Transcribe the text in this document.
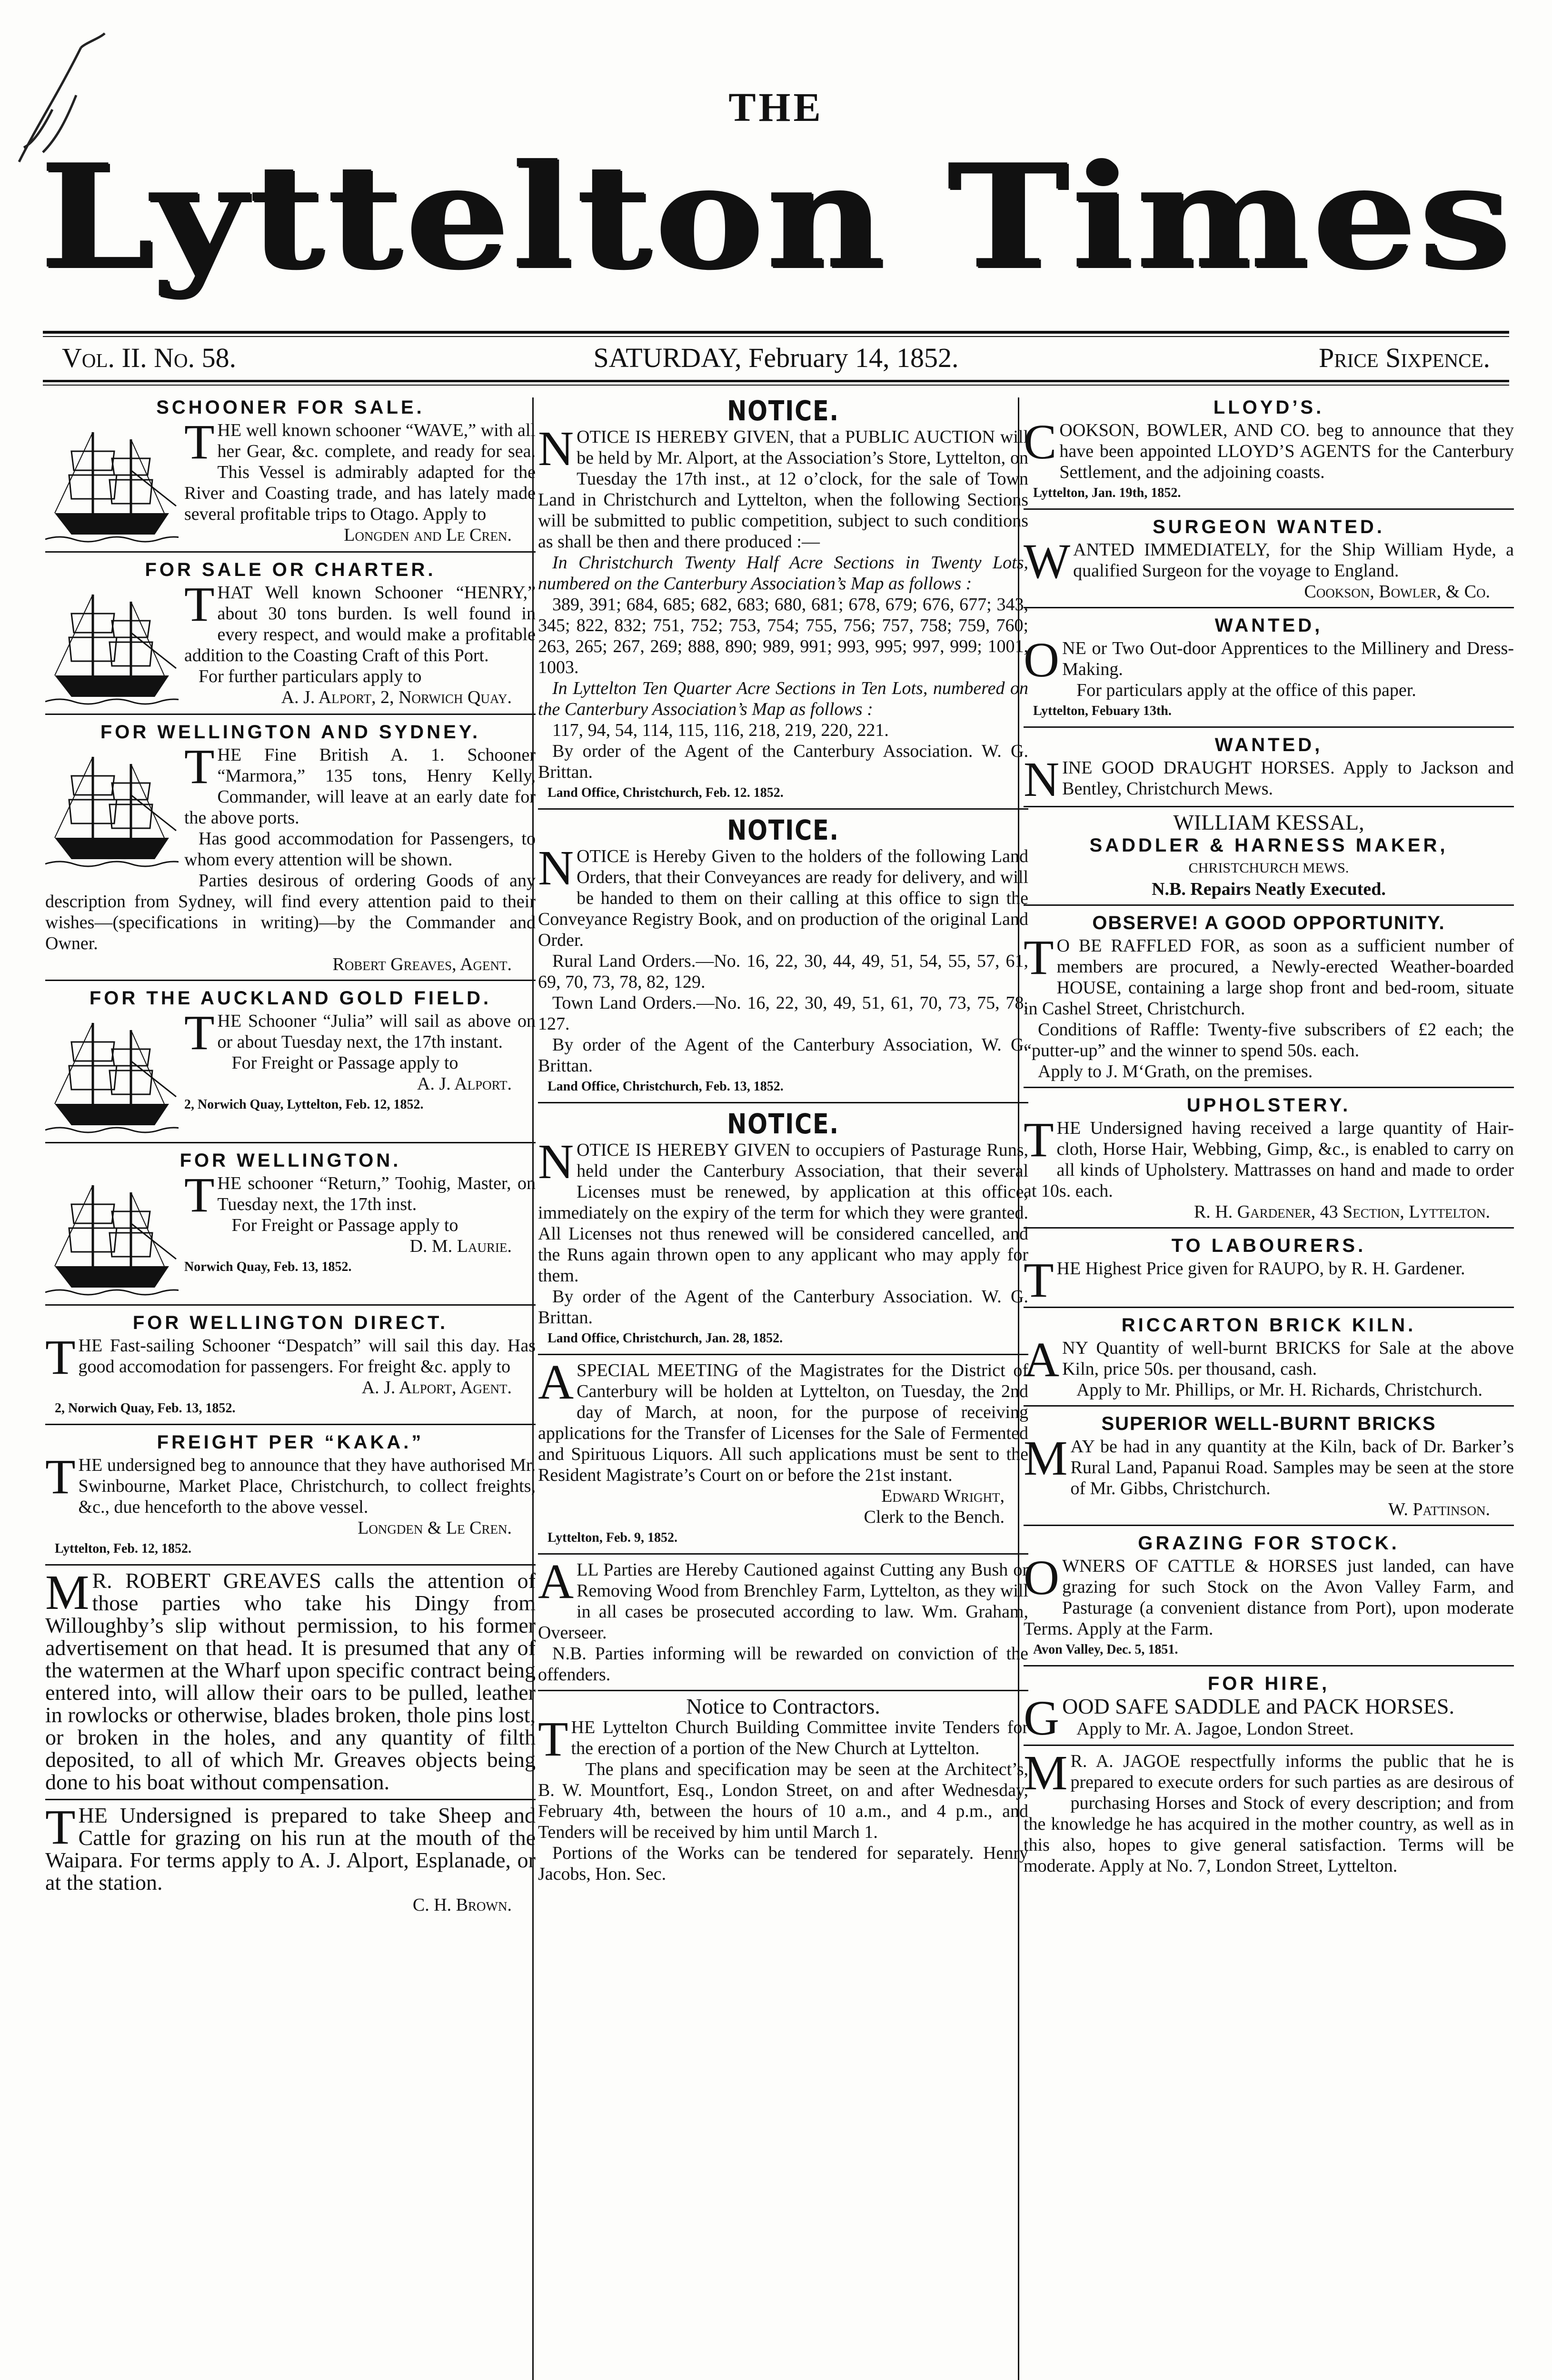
THE
Lyttelton Times
Vol. II. No. 58.	SATURDAY, February 14, 1852.	Price Sixpence.
SCHOONER FOR SALE.

THE well known schooner “WAVE,” with all her Gear, &c. complete, and ready for sea. This Vessel is admirably adapted for the River and Coasting trade, and has lately made several profitable trips to Otago. Apply to

Longden and Le Cren.

FOR SALE OR CHARTER.

THAT Well known Schooner “HENRY,” about 30 tons burden. Is well found in every respect, and would make a profitable addition to the Coasting Craft of this Port.

For further particulars apply to

A. J. Alport, 2, Norwich Quay.

FOR WELLINGTON AND SYDNEY.

THE Fine British A. 1. Schooner “Marmora,” 135 tons, Henry Kelly, Commander, will leave at an early date for the above ports.

Has good accommodation for Passengers, to whom every attention will be shown.

Parties desirous of ordering Goods of any description from Sydney, will find every attention paid to their wishes—(specifications in writing)—by the Commander and Owner.

Robert Greaves, Agent.

FOR THE AUCKLAND GOLD FIELD.

THE Schooner “Julia” will sail as above on or about Tuesday next, the 17th instant.

For Freight or Passage apply to

A. J. Alport.

2, Norwich Quay, Lyttelton, Feb. 12, 1852.

FOR WELLINGTON.

THE schooner “Return,” Toohig, Master, on Tuesday next, the 17th inst.

For Freight or Passage apply to

D. M. Laurie.

Norwich Quay, Feb. 13, 1852.

FOR WELLINGTON DIRECT.

THE Fast-sailing Schooner “Despatch” will sail this day. Has good accomodation for passengers. For freight &c. apply to

A. J. Alport, Agent.

2, Norwich Quay, Feb. 13, 1852.

FREIGHT PER “KAKA.”

THE undersigned beg to announce that they have authorised Mr. Swinbourne, Market Place, Christchurch, to collect freights, &c., due henceforth to the above vessel.

Longden & Le Cren.

Lyttelton, Feb. 12, 1852.

M R. ROBERT GREAVES calls the attention of those parties who take his Dingy from Willoughby’s slip without permission, to his former advertisement on that head. It is presumed that any of the watermen at the Wharf upon specific contract being entered into, will allow their oars to be pulled, leather in rowlocks or otherwise, blades broken, thole pins lost, or broken in the holes, and any quantity of filth deposited, to all of which Mr. Greaves objects being done to his boat without compensation.

THE Undersigned is prepared to take Sheep and Cattle for grazing on his run at the mouth of the Waipara. For terms apply to A. J. Alport, Esplanade, or at the station.

C. H. Brown.

NOTICE.

NOTICE IS HEREBY GIVEN, that a PUBLIC AUCTION will be held by Mr. Alport, at the Association’s Store, Lyttelton, on Tuesday the 17th inst., at 12 o’clock, for the sale of Town Land in Christchurch and Lyttelton, when the following Sections will be submitted to public competition, subject to such conditions as shall be then and there produced :—

In Christchurch Twenty Half Acre Sections in Twenty Lots, numbered on the Canterbury Association’s Map as follows :

389, 391; 684, 685; 682, 683; 680, 681; 678, 679; 676, 677; 343, 345; 822, 832; 751, 752; 753, 754; 755, 756; 757, 758; 759, 760; 263, 265; 267, 269; 888, 890; 989, 991; 993, 995; 997, 999; 1001, 1003.

In Lyttelton Ten Quarter Acre Sections in Ten Lots, numbered on the Canterbury Association’s Map as follows :

117, 94, 54, 114, 115, 116, 218, 219, 220, 221.

By order of the Agent of the Canterbury Association. W. G. Brittan.

Land Office, Christchurch, Feb. 12. 1852.

NOTICE.

NOTICE is Hereby Given to the holders of the following Land Orders, that their Conveyances are ready for delivery, and will be handed to them on their calling at this office to sign the Conveyance Registry Book, and on production of the original Land Order.

Rural Land Orders.—No. 16, 22, 30, 44, 49, 51, 54, 55, 57, 61, 69, 70, 73, 78, 82, 129.

Town Land Orders.—No. 16, 22, 30, 49, 51, 61, 70, 73, 75, 78, 127.

By order of the Agent of the Canterbury Association, W. G. Brittan.

Land Office, Christchurch, Feb. 13, 1852.

NOTICE.

NOTICE IS HEREBY GIVEN to occupiers of Pasturage Runs, held under the Canterbury Association, that their several Licenses must be renewed, by application at this office, immediately on the expiry of the term for which they were granted. All Licenses not thus renewed will be considered cancelled, and the Runs again thrown open to any applicant who may apply for them.

By order of the Agent of the Canterbury Association. W. G. Brittan.

Land Office, Christchurch, Jan. 28, 1852.

A SPECIAL MEETING of the Magistrates for the District of Canterbury will be holden at Lyttelton, on Tuesday, the 2nd day of March, at noon, for the purpose of receiving applications for the Transfer of Licenses for the Sale of Fermented and Spirituous Liquors. All such applications must be sent to the Resident Magistrate’s Court on or before the 21st instant.

Edward Wright,

Clerk to the Bench.

Lyttelton, Feb. 9, 1852.

ALL Parties are Hereby Cautioned against Cutting any Bush or Removing Wood from Brenchley Farm, Lyttelton, as they will in all cases be prosecuted according to law. Wm. Graham, Overseer.

N.B. Parties informing will be rewarded on conviction of the offenders.

Notice to Contractors.

THE Lyttelton Church Building Committee invite Tenders for the erection of a portion of the New Church at Lyttelton.

The plans and specification may be seen at the Architect’s, B. W. Mountfort, Esq., London Street, on and after Wednesday, February 4th, between the hours of 10 a.m., and 4 p.m., and Tenders will be received by him until March 1.

Portions of the Works can be tendered for separately. Henry Jacobs, Hon. Sec.

LLOYD’S.

COOKSON, BOWLER, AND CO. beg to announce that they have been appointed LLOYD’S AGENTS for the Canterbury Settlement, and the adjoining coasts.

Lyttelton, Jan. 19th, 1852.

SURGEON WANTED.

WANTED IMMEDIATELY, for the Ship William Hyde, a qualified Surgeon for the voyage to England.

Cookson, Bowler, & Co.

WANTED,

ONE or Two Out-door Apprentices to the Millinery and Dress-Making.

For particulars apply at the office of this paper.

Lyttelton, Febuary 13th.

WANTED,

NINE GOOD DRAUGHT HORSES. Apply to Jackson and Bentley, Christchurch Mews.

WILLIAM KESSAL,
SADDLER & HARNESS MAKER,
CHRISTCHURCH MEWS.
N.B. Repairs Neatly Executed.
OBSERVE! A GOOD OPPORTUNITY.

T O BE RAFFLED FOR, as soon as a sufficient number of members are procured, a Newly-erected Weather-boarded HOUSE, containing a large shop front and bed-room, situate in Cashel Street, Christchurch.

Conditions of Raffle: Twenty-five subscribers of £2 each; the “putter-up” and the winner to spend 50s. each.

Apply to J. M‘Grath, on the premises.

UPHOLSTERY.

THE Undersigned having received a large quantity of Hair-cloth, Horse Hair, Webbing, Gimp, &c., is enabled to carry on all kinds of Upholstery. Mattrasses on hand and made to order at 10s. each.

R. H. Gardener, 43 Section, Lyttelton.

TO LABOURERS.

THE Highest Price given for RAUPO, by R. H. Gardener.

RICCARTON BRICK KILN.

ANY Quantity of well-burnt BRICKS for Sale at the above Kiln, price 50s. per thousand, cash.

Apply to Mr. Phillips, or Mr. H. Richards, Christchurch.

SUPERIOR WELL-BURNT BRICKS

MAY be had in any quantity at the Kiln, back of Dr. Barker’s Rural Land, Papanui Road. Samples may be seen at the store of Mr. Gibbs, Christchurch.

W. Pattinson.

GRAZING FOR STOCK.

OWNERS OF CATTLE & HORSES just landed, can have grazing for such Stock on the Avon Valley Farm, and Pasturage (a convenient distance from Port), upon moderate Terms. Apply at the Farm.

Avon Valley, Dec. 5, 1851.

FOR HIRE,

GOOD SAFE SADDLE and PACK HORSES.

Apply to Mr. A. Jagoe, London Street.

M R. A. JAGOE respectfully informs the public that he is prepared to execute orders for such parties as are desirous of purchasing Horses and Stock of every description; and from the knowledge he has acquired in the mother country, as well as in this also, hopes to give general satisfaction. Terms will be moderate. Apply at No. 7, London Street, Lyttelton.
